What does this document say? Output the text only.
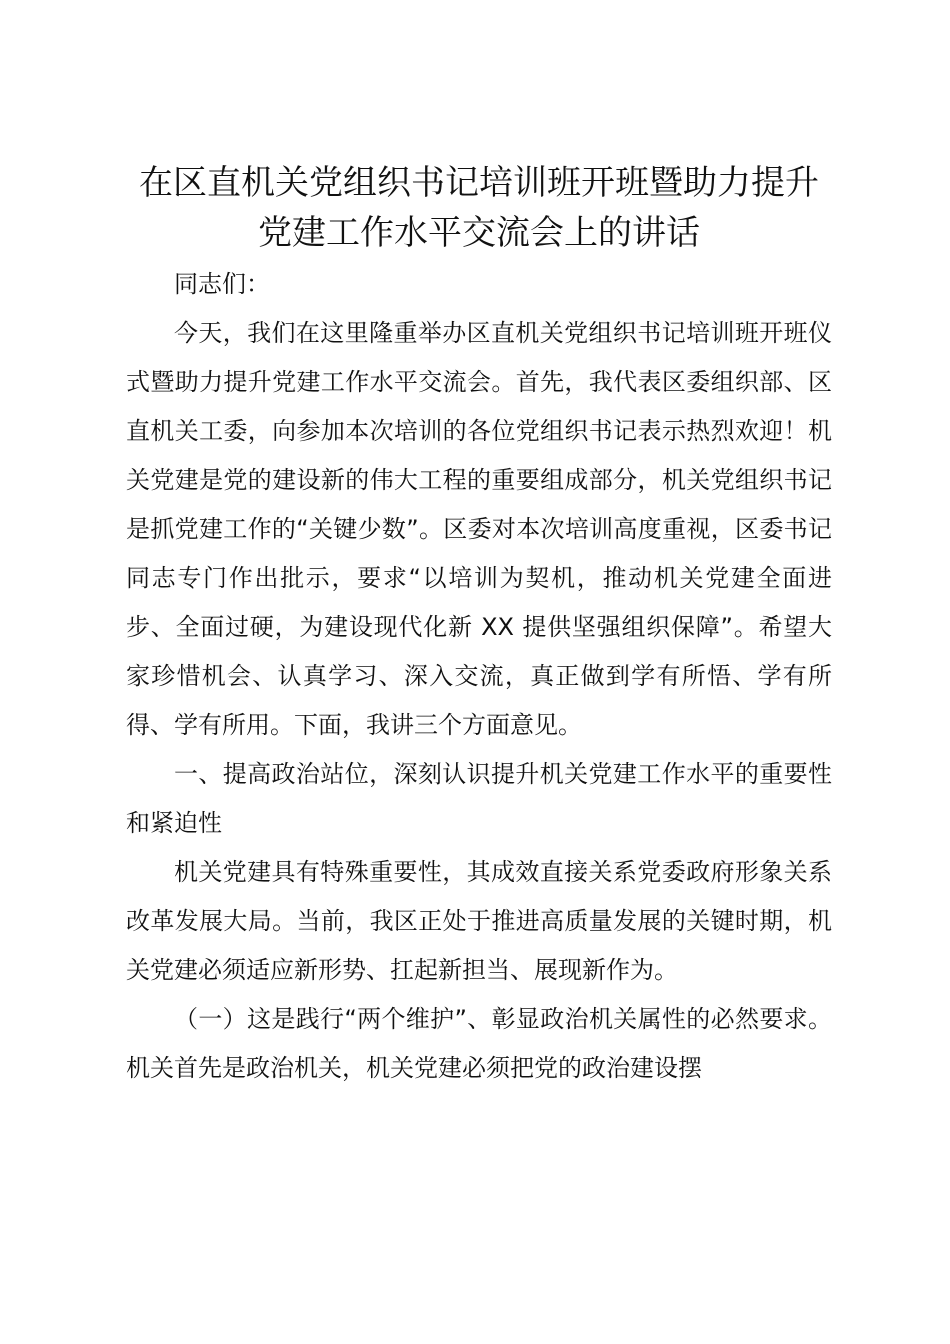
在区直机关党组织书记培训班开班暨助力提升
党建工作水平交流会上的讲话

同志们：

今天，我们在这里隆重举办区直机关党组织书记培训班开班仪式暨助力提升党建工作水平交流会。首先，我代表区委组织部、区直机关工委，向参加本次培训的各位党组织书记表示热烈欢迎！机关党建是党的建设新的伟大工程的重要组成部分，机关党组织书记是抓党建工作的“关键少数”。区委对本次培训高度重视，区委书记同志专门作出批示，要求“以培训为契机，推动机关党建全面进步、全面过硬，为建设现代化新 XX 提供坚强组织保障”。希望大家珍惜机会、认真学习、深入交流，真正做到学有所悟、学有所得、学有所用。下面，我讲三个方面意见。

一、提高政治站位，深刻认识提升机关党建工作水平的重要性和紧迫性

机关党建具有特殊重要性，其成效直接关系党委政府形象关系改革发展大局。当前，我区正处于推进高质量发展的关键时期，机关党建必须适应新形势、扛起新担当、展现新作为。

（一）这是践行“两个维护”、彰显政治机关属性的必然要求。机关首先是政治机关，机关党建必须把党的政治建设摆
